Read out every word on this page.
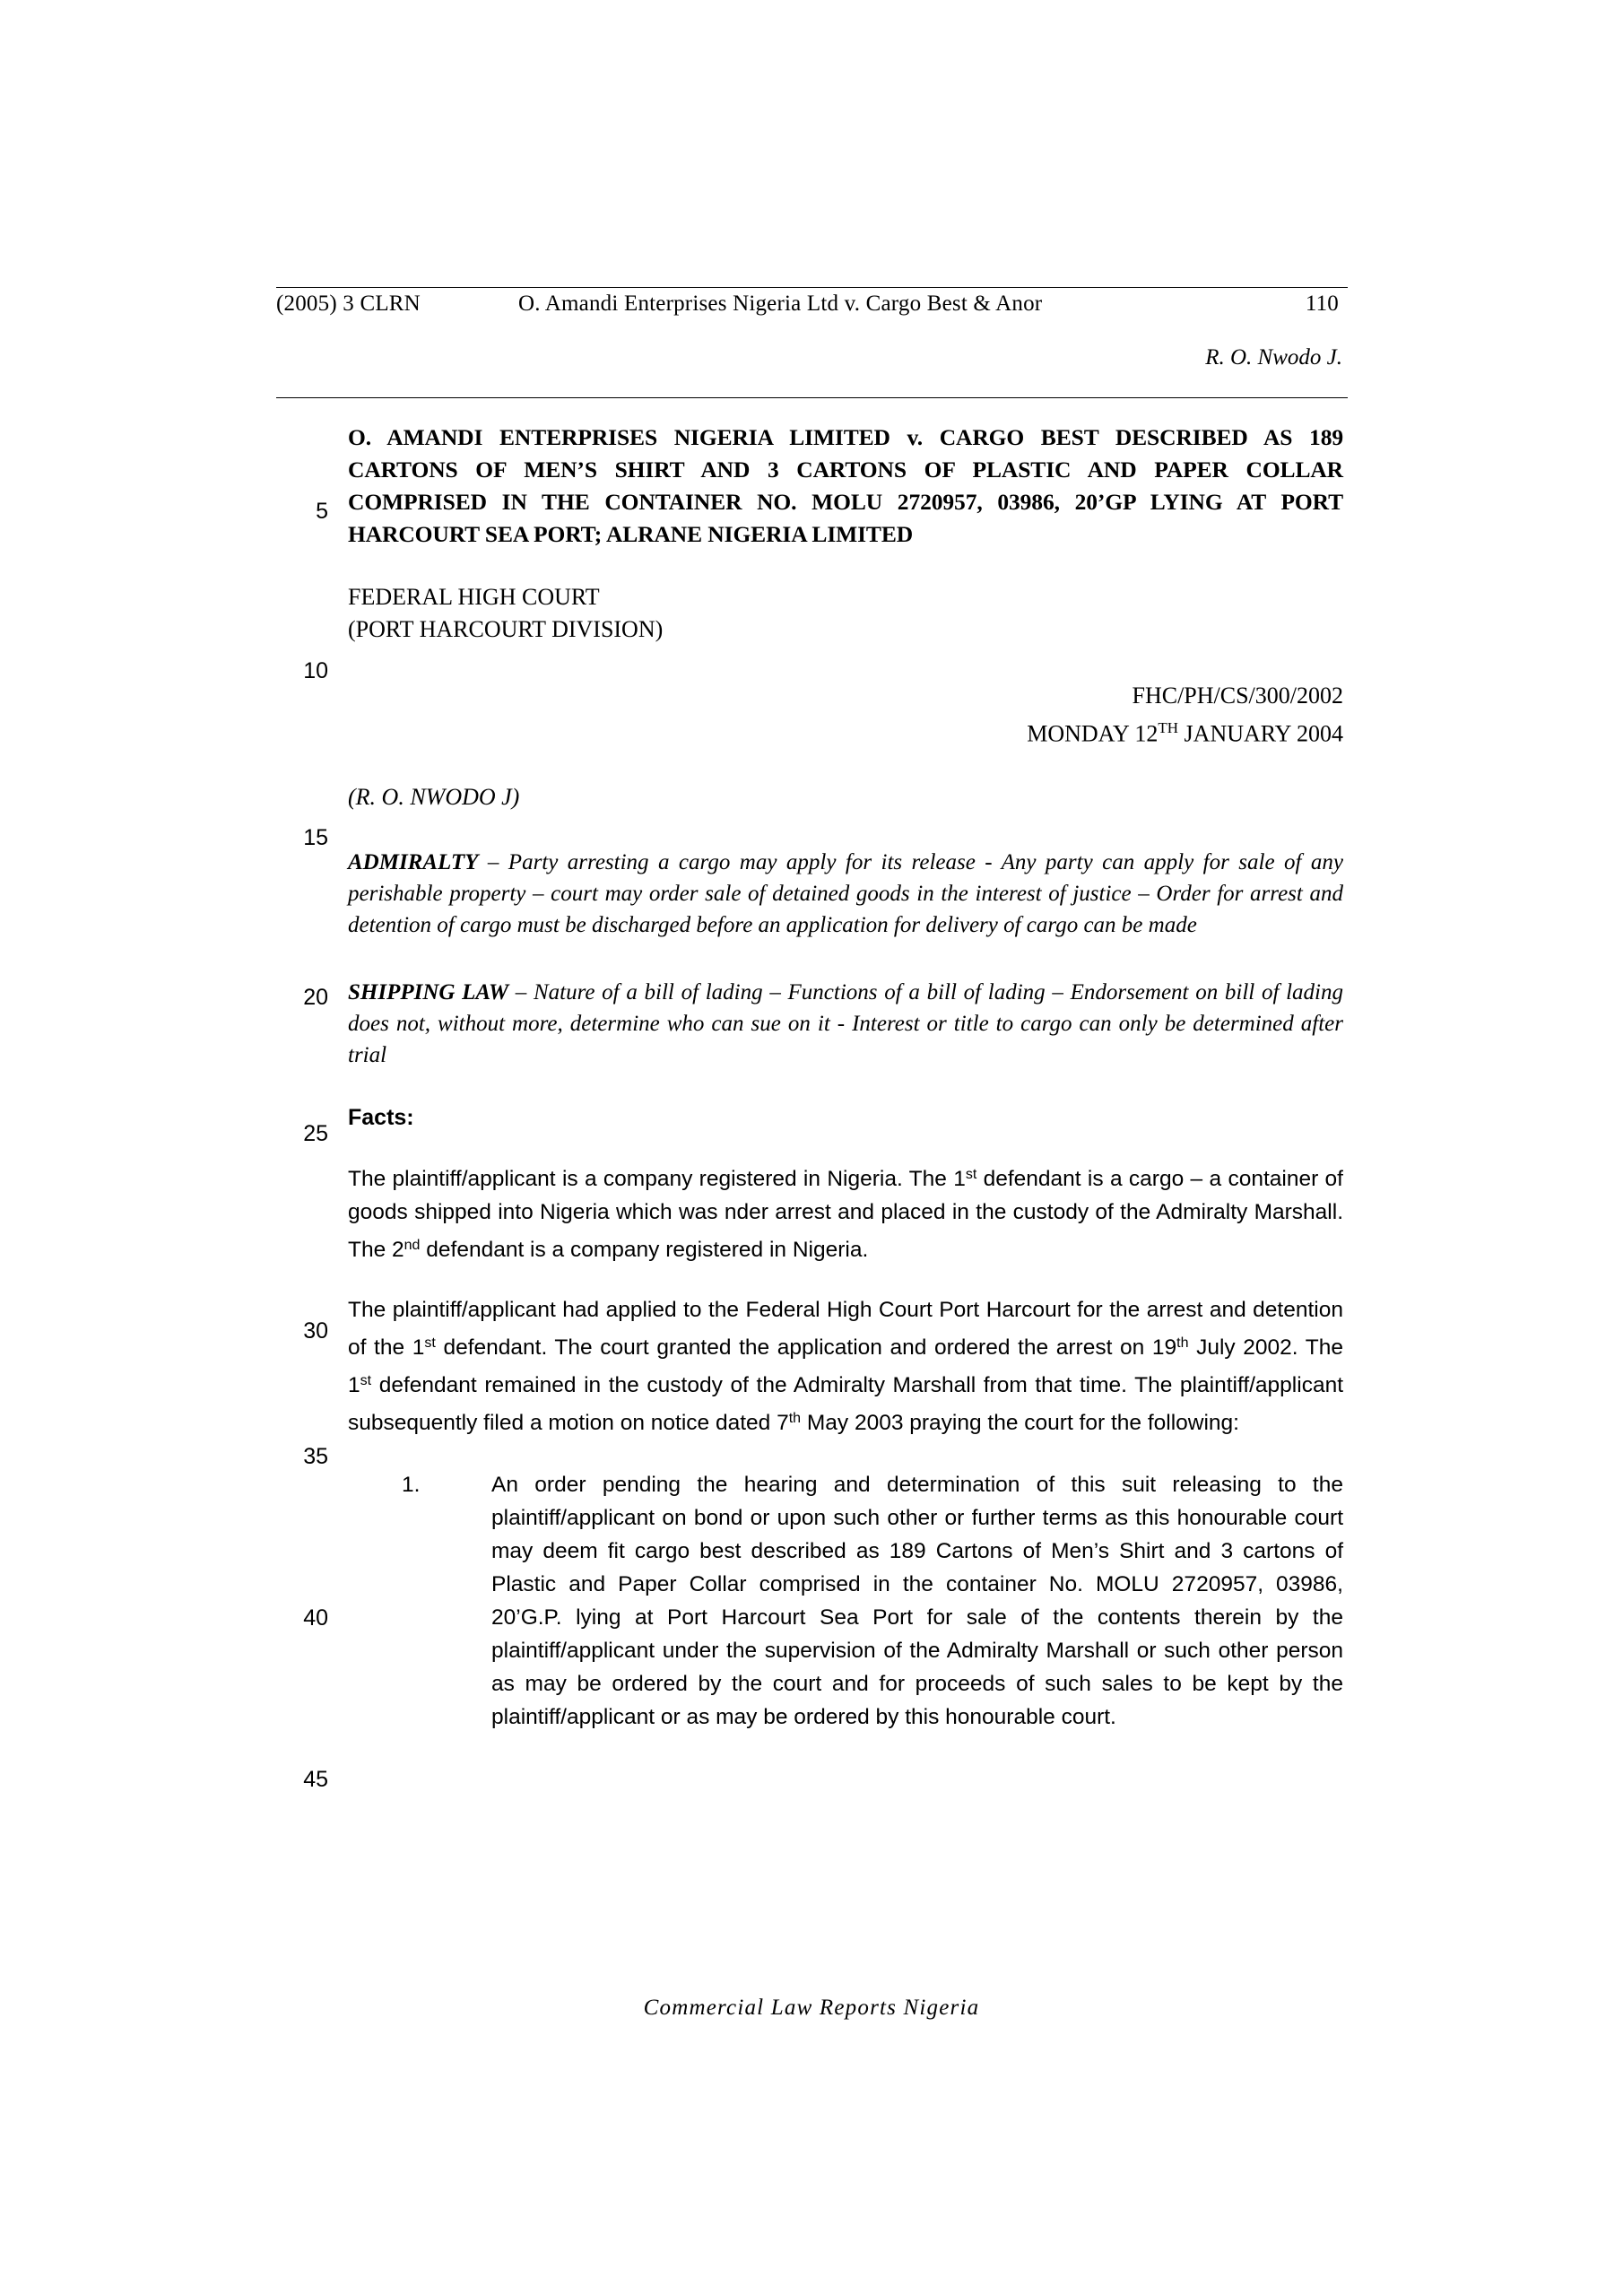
(2005) 3 CLRN	O. Amandi Enterprises Nigeria Ltd v. Cargo Best & Anor	110
R. O. Nwodo J.
5
10
15
20
25
30
35
40
45
O. AMANDI ENTERPRISES NIGERIA LIMITED v. CARGO BEST DESCRIBED AS 189 CARTONS OF MEN’S SHIRT AND 3 CARTONS OF PLASTIC AND PAPER COLLAR COMPRISED IN THE CONTAINER NO. MOLU 2720957, 03986, 20’GP LYING AT PORT HARCOURT SEA PORT; ALRANE NIGERIA LIMITED
FEDERAL HIGH COURT
(PORT HARCOURT DIVISION)
FHC/PH/CS/300/2002
MONDAY 12TH JANUARY 2004
(R. O. NWODO J)
ADMIRALTY – Party arresting a cargo may apply for its release - Any party can apply for sale of any perishable property – court may order sale of detained goods in the interest of justice – Order for arrest and detention of cargo must be discharged before an application for delivery of cargo can be made
SHIPPING LAW – Nature of a bill of lading – Functions of a bill of lading – Endorsement on bill of lading does not, without more, determine who can sue on it - Interest or title to cargo can only be determined after trial
Facts:
The plaintiff/applicant is a company registered in Nigeria. The 1st defendant is a cargo – a container of goods shipped into Nigeria which was nder arrest and placed in the custody of the Admiralty Marshall. The 2nd defendant is a company registered in Nigeria.
The plaintiff/applicant had applied to the Federal High Court Port Harcourt for the arrest and detention of the 1st defendant. The court granted the application and ordered the arrest on 19th July 2002. The 1st defendant remained in the custody of the Admiralty Marshall from that time. The plaintiff/applicant subsequently filed a motion on notice dated 7th May 2003 praying the court for the following:
1.	An order pending the hearing and determination of this suit releasing to the plaintiff/applicant on bond or upon such other or further terms as this honourable court may deem fit cargo best described as 189 Cartons of Men’s Shirt and 3 cartons of Plastic and Paper Collar comprised in the container No. MOLU 2720957, 03986, 20’G.P. lying at Port Harcourt Sea Port for sale of the contents therein by the plaintiff/applicant under the supervision of the Admiralty Marshall or such other person as may be ordered by the court and for proceeds of such sales to be kept by the plaintiff/applicant or as may be ordered by this honourable court.
Commercial Law Reports Nigeria
